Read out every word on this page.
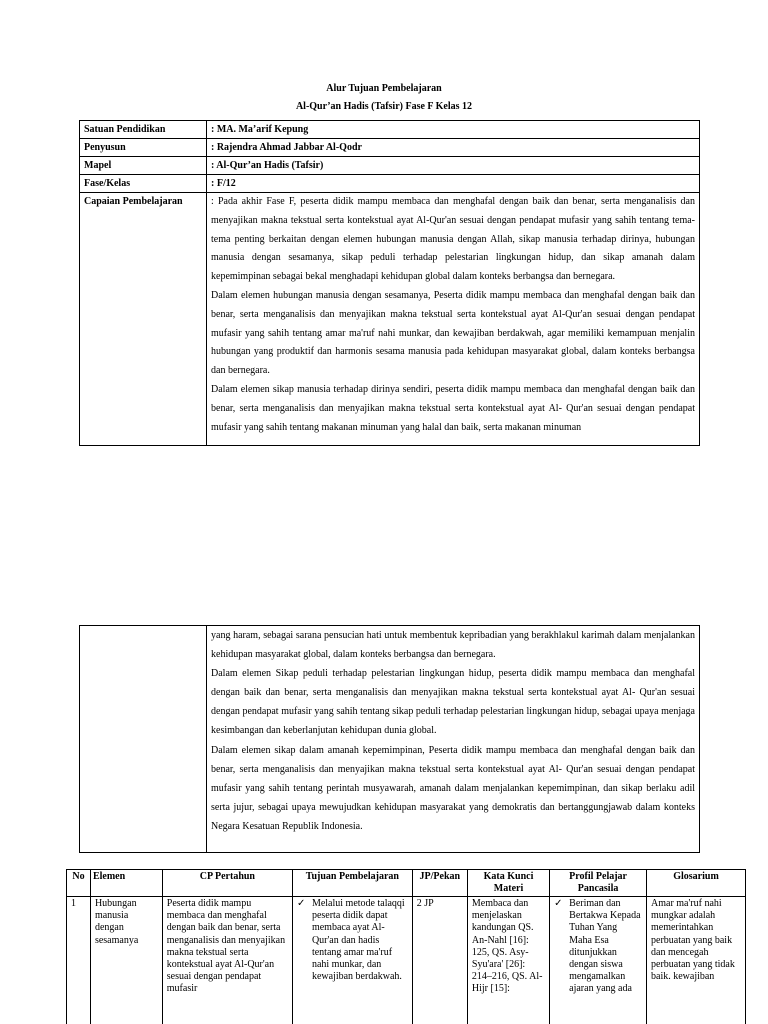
Alur Tujuan Pembelajaran
Al-Qur’an Hadis (Tafsir) Fase F Kelas 12
Satuan Pendidikan	: MA. Ma’arif Kepung
Penyusun	: Rajendra Ahmad Jabbar Al-Qodr
Mapel	: Al-Qur’an Hadis (Tafsir)
Fase/Kelas	: F/12
Capaian Pembelajaran	: Pada akhir Fase F, peserta didik mampu membaca dan menghafal dengan baik dan benar, serta menganalisis dan menyajikan makna tekstual serta kontekstual ayat Al-Qur'an sesuai dengan pendapat mufasir yang sahih tentang tema- tema penting berkaitan dengan elemen hubungan manusia dengan Allah, sikap manusia terhadap dirinya, hubungan manusia dengan sesamanya, sikap peduli terhadap pelestarian lingkungan hidup, dan sikap amanah dalam kepemimpinan sebagai bekal menghadapi kehidupan global dalam konteks berbangsa dan bernegara.
Dalam elemen hubungan manusia dengan sesamanya, Peserta didik mampu membaca dan menghafal dengan baik dan benar, serta menganalisis dan menyajikan makna tekstual serta kontekstual ayat Al-Qur'an sesuai dengan pendapat mufasir yang sahih tentang amar ma'ruf nahi munkar, dan kewajiban berdakwah, agar memiliki kemampuan menjalin hubungan yang produktif dan harmonis sesama manusia pada kehidupan masyarakat global, dalam konteks berbangsa dan bernegara.
Dalam elemen sikap manusia terhadap dirinya sendiri, peserta didik mampu membaca dan menghafal dengan baik dan benar, serta menganalisis dan menyajikan makna tekstual serta kontekstual ayat Al- Qur'an sesuai dengan pendapat mufasir yang sahih tentang makanan minuman yang halal dan baik, serta makanan minuman

yang haram, sebagai sarana pensucian hati untuk membentuk kepribadian yang berakhlakul karimah dalam menjalankan kehidupan masyarakat global, dalam konteks berbangsa dan bernegara.
Dalam elemen Sikap peduli terhadap pelestarian lingkungan hidup, peserta didik mampu membaca dan menghafal dengan baik dan benar, serta menganalisis dan menyajikan makna tekstual serta kontekstual ayat Al- Qur'an sesuai dengan pendapat mufasir yang sahih tentang sikap peduli terhadap pelestarian lingkungan hidup, sebagai upaya menjaga kesimbangan dan keberlanjutan kehidupan dunia global.
Dalam elemen sikap dalam amanah kepemimpinan, Peserta didik mampu membaca dan menghafal dengan baik dan benar, serta menganalisis dan menyajikan makna tekstual serta kontekstual ayat Al- Qur'an sesuai dengan pendapat mufasir yang sahih tentang perintah musyawarah, amanah dalam menjalankan kepemimpinan, dan sikap berlaku adil serta jujur, sebagai upaya mewujudkan kehidupan masyarakat yang demokratis dan bertanggungjawab dalam konteks Negara Kesatuan Republik Indonesia.
No	Elemen	CP Pertahun	Tujuan Pembelajaran	JP/Pekan	Kata Kunci Materi	Profil Pelajar Pancasila	Glosarium

1	Hubungan manusia dengan sesamanya	Peserta didik mampu membaca dan menghafal dengan baik dan benar, serta menganalisis dan menyajikan makna tekstual serta kontekstual ayat Al-Qur'an sesuai dengan pendapat mufasir	✓ Melalui metode talaqqi peserta didik dapat membaca ayat Al-Qur'an dan hadis tentang amar ma'ruf nahi munkar, dan kewajiban berdakwah.	2 JP	Membaca dan menjelaskan kandungan QS. An-Nahl [16]: 125, QS. Asy-Syu'ara' [26]: 214–216, QS. Al-Hijr [15]:	✓ Beriman dan Bertakwa Kepada Tuhan Yang Maha Esa ditunjukkan dengan siswa mengamalkan ajaran yang ada	Amar ma'ruf nahi mungkar adalah memerintahkan perbuatan yang baik dan mencegah perbuatan yang tidak baik. kewajiban
